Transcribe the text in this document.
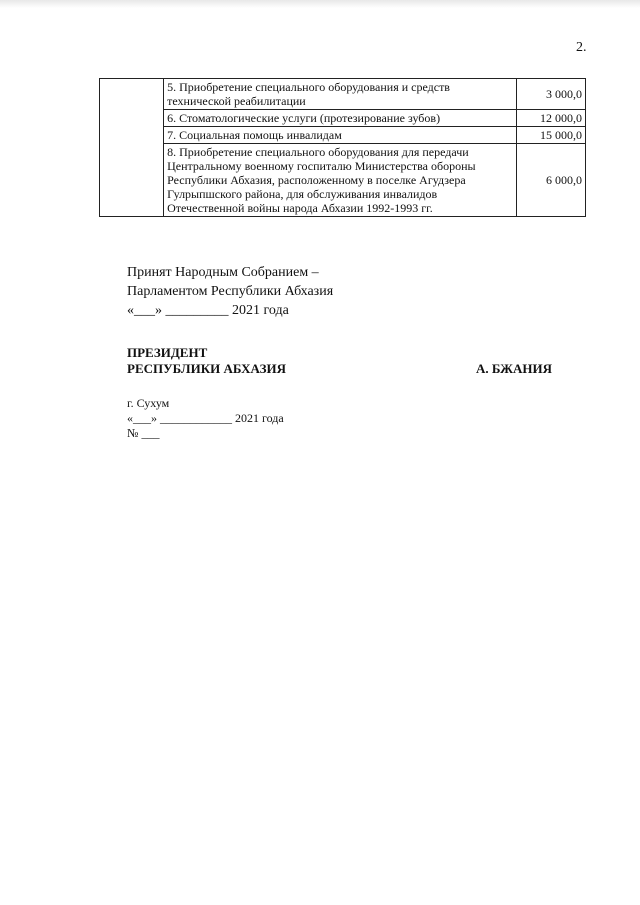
2.
	5. Приобретение специального оборудования и средств технической реабилитации	3 000,0
	6. Стоматологические услуги (протезирование зубов)	12 000,0
	7. Социальная помощь инвалидам	15 000,0
	8. Приобретение специального оборудования для передачи Центральному военному госпиталю Министерства обороны Республики Абхазия, расположенному в поселке Агудзера Гулрыпшского района, для обслуживания инвалидов Отечественной войны народа Абхазии 1992-1993 гг.	6 000,0
Принят Народным Собранием –
Парламентом Республики Абхазия
«___» _________ 2021 года
ПРЕЗИДЕНТ
РЕСПУБЛИКИ АБХАЗИЯ	А. БЖАНИЯ
г. Сухум
«___» ____________ 2021 года
№ ___
